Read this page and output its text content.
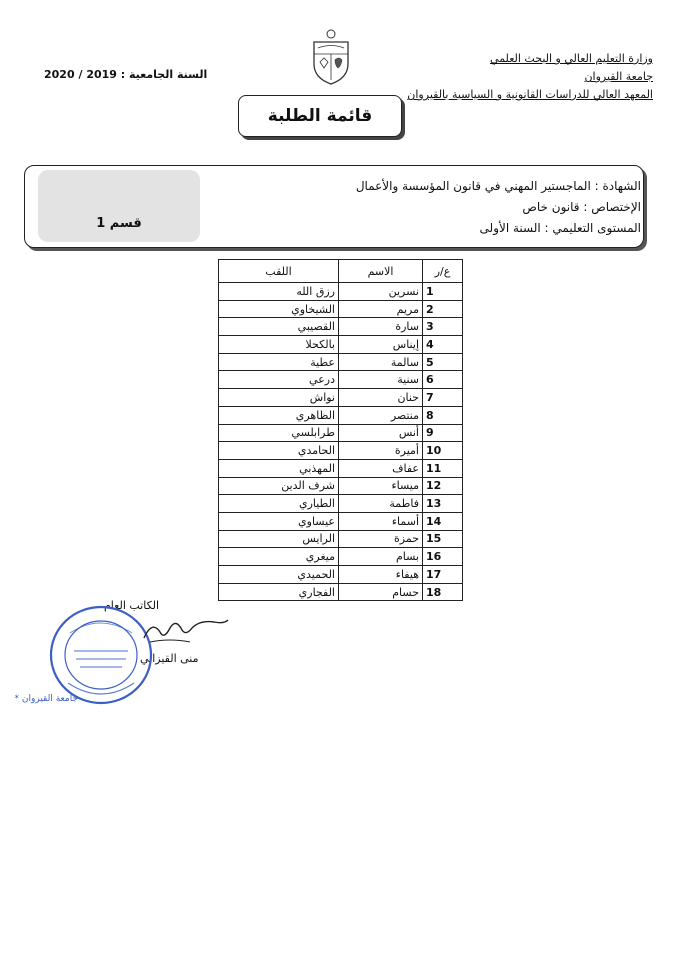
السنة الجامعية : 2019 / 2020
وزارة التعليم العالي و البحث العلمي
جامعة القيروان
المعهد العالي للدراسات القانونية و السياسية بالقيروان
قائمة الطلبة
قسم 1
الشهادة : الماجستير المهني في قانون المؤسسة والأعمال
الإختصاص : قانون خاص
المستوى التعليمي : السنة الأولى
ع/ر	الاسم	اللقب
1	نسرين	رزق الله
2	مريم	الشيخاوي
3	سارة	القصيبي
4	إيناس	بالكحلا
5	سالمة	عطية
6	سنية	درعي
7	حنان	نواش
8	منتصر	الظاهري
9	أنس	طرابلسي
10	أميرة	الحامدي
11	عفاف	المهذبي
12	ميساء	شرف الدين
13	فاطمة	الطياري
14	أسماء	عيساوي
15	حمزة	الرايس
16	بسام	ميغري
17	هيفاء	الحميدي
18	حسام	الفجاري
الكاتب العام
منى القيزاني
جامعة القيروان *
